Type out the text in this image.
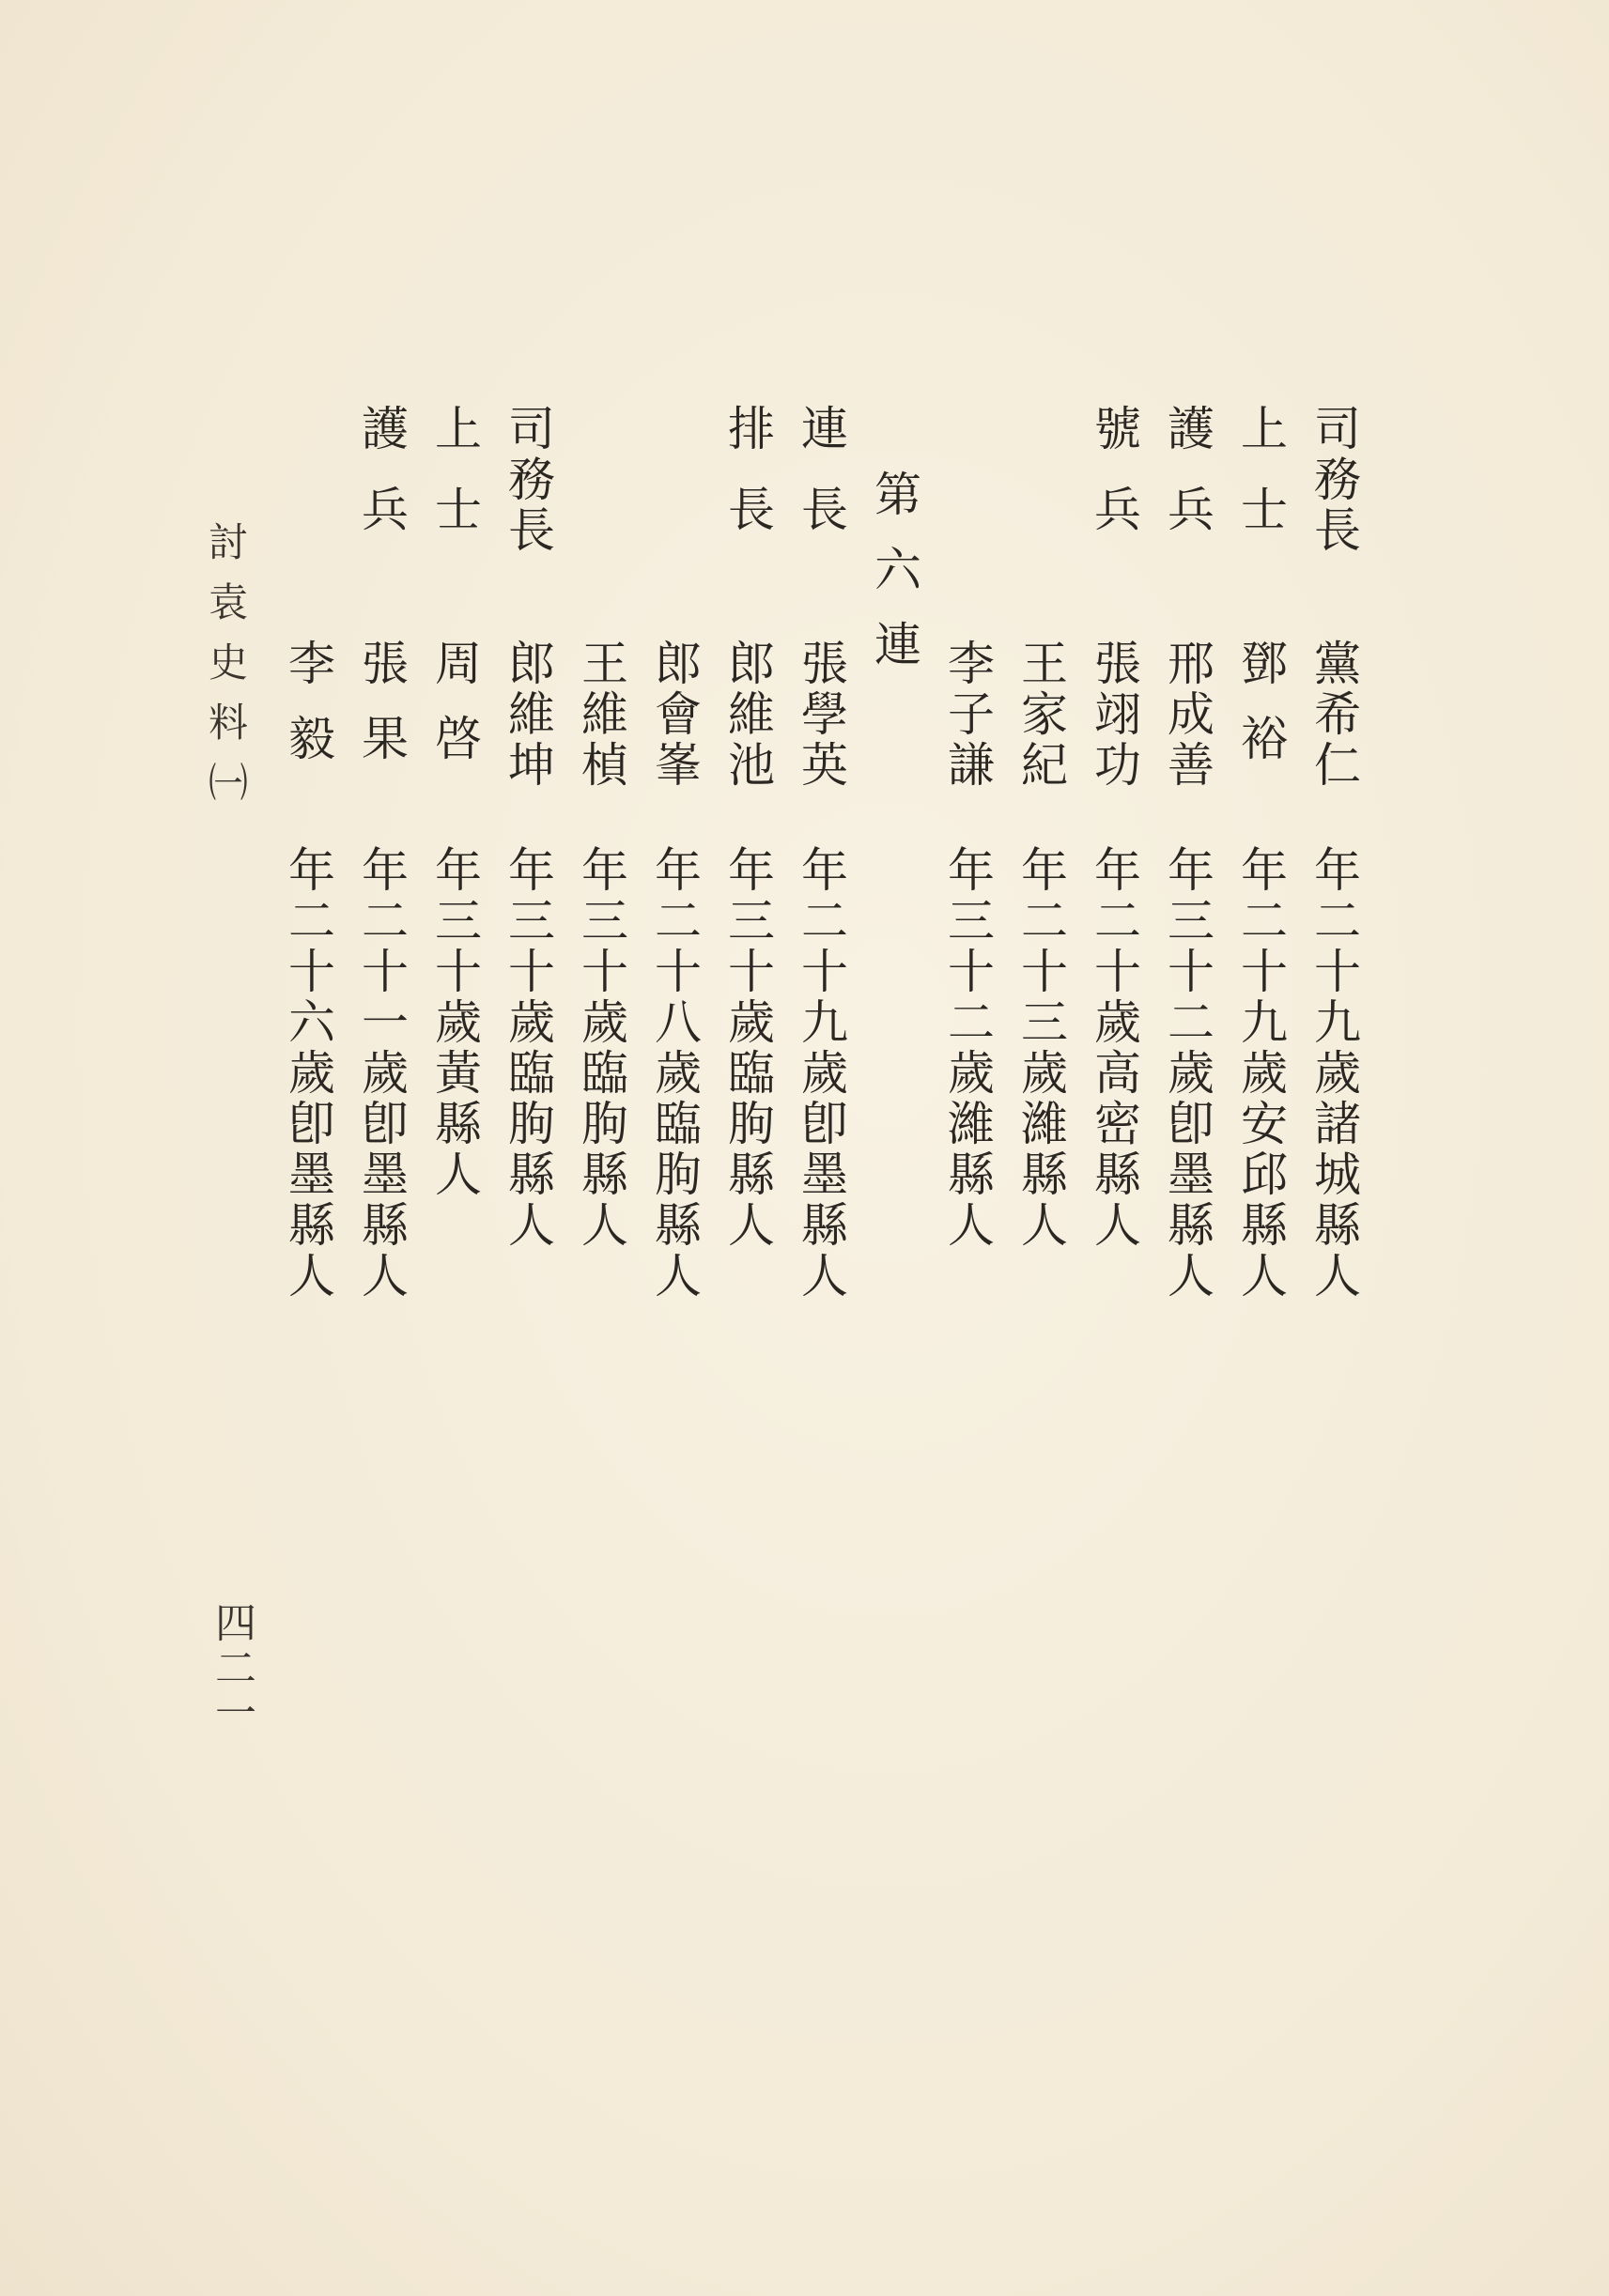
司務長
黨希仁
年二十九歲諸城縣人
上士
鄧裕
年二十九歲安邱縣人
護兵
邢成善
年三十二歲卽墨縣人
號兵
張翊功
年二十歲高密縣人
王家紀
年二十三歲濰縣人
李子謙
年三十二歲濰縣人
第六連
連長
張學英
年二十九歲卽墨縣人
排長
郎維池
年三十歲臨朐縣人
郎會峯
年二十八歲臨朐縣人
王維楨
年三十歲臨朐縣人
司務長
郎維坤
年三十歲臨朐縣人
上士
周啓
年三十歲黃縣人
護兵
張果
年二十一歲卽墨縣人
李毅
年二十六歲卽墨縣人
討袁史料㈠
四二一
